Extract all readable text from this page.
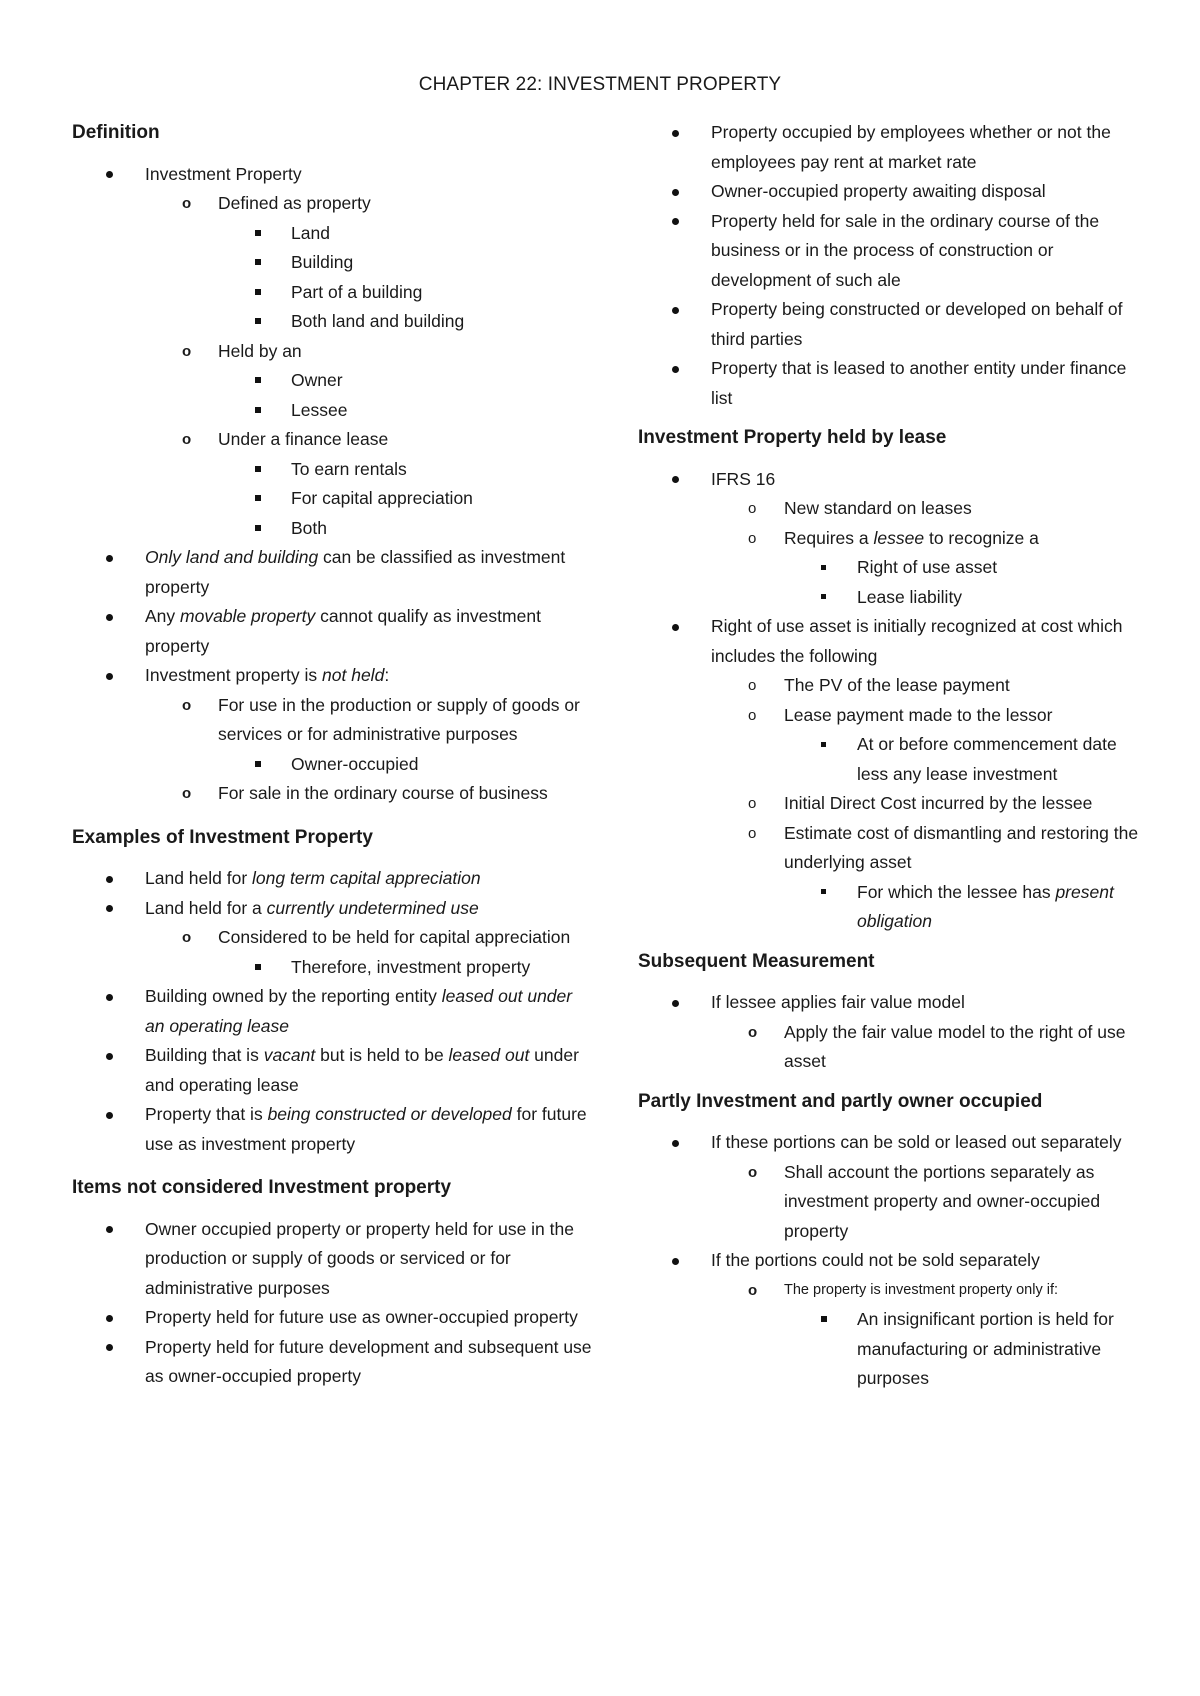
CHAPTER 22: INVESTMENT PROPERTY
Definition
Investment Property
o
Defined as property
Land
Building
Part of a building
Both land and building
o
Held by an
Owner
Lessee
o
Under a finance lease
To earn rentals
For capital appreciation
Both
Only land and building can be classified as investment property
Any movable property cannot qualify as investment property
Investment property is not held:
o
For use in the production or supply of goods or services or for administrative purposes
Owner-occupied
o
For sale in the ordinary course of business
Examples of Investment Property
Land held for long term capital appreciation
Land held for a currently undetermined use
o
Considered to be held for capital appreciation
Therefore, investment property
Building owned by the reporting entity leased out under an operating lease
Building that is vacant but is held to be leased out under and operating lease
Property that is being constructed or developed for future use as investment property
Items not considered Investment property
Owner occupied property or property held for use in the production or supply of goods or serviced or for administrative purposes
Property held for future use as owner-occupied property
Property held for future development and subsequent use as owner-occupied property
Property occupied by employees whether or not the employees pay rent at market rate
Owner-occupied property awaiting disposal
Property held for sale in the ordinary course of the business or in the process of construction or development of such ale
Property being constructed or developed on behalf of third parties
Property that is leased to another entity under finance list
Investment Property held by lease
IFRS 16
o
New standard on leases
o
Requires a lessee to recognize a
Right of use asset
Lease liability
Right of use asset is initially recognized at cost which includes the following
o
The PV of the lease payment
o
Lease payment made to the lessor
At or before commencement date less any lease investment
o
Initial Direct Cost incurred by the lessee
o
Estimate cost of dismantling and restoring the underlying asset
For which the lessee has present obligation
Subsequent Measurement
If lessee applies fair value model
o
Apply the fair value model to the right of use asset
Partly Investment and partly owner occupied
If these portions can be sold or leased out separately
o
Shall account the portions separately as investment property and owner-occupied property
If the portions could not be sold separately
o
The property is investment property only if:
An insignificant portion is held for manufacturing or administrative purposes
